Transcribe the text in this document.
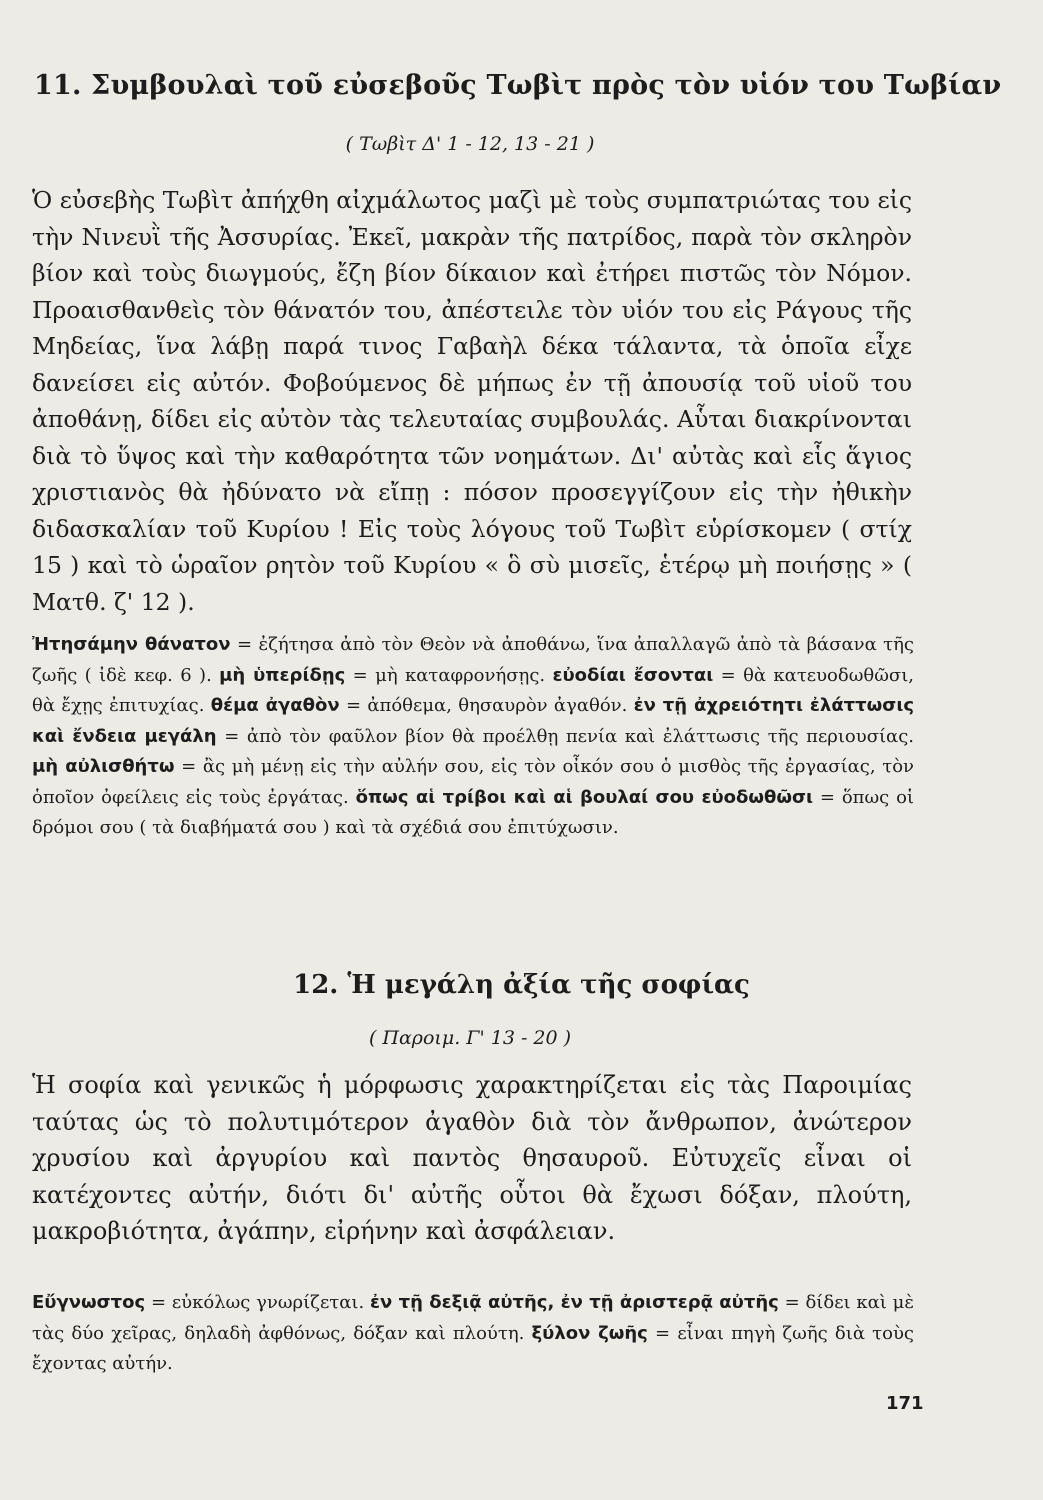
11. Συμβουλαὶ τοῦ εὐσεβοῦς Τωβὶτ πρὸς τὸν υἱόν του Τωβίαν
( Τωβὶτ Δ' 1 - 12, 13 - 21 )
Ὁ εὐσεβὴς Τωβὶτ ἀπήχθη αἰχμάλωτος μαζὶ μὲ τοὺς συμπατριώτας του εἰς τὴν Νινευῒ τῆς Ἀσσυρίας. Ἐκεῖ, μακρὰν τῆς πατρίδος, παρὰ τὸν σκληρὸν βίον καὶ τοὺς διωγμούς, ἔζη βίον δίκαιον καὶ ἐτήρει πιστῶς τὸν Νόμον. Προαισθανθεὶς τὸν θάνατόν του, ἀπέστειλε τὸν υἱόν του εἰς Ράγους τῆς Μηδείας, ἵνα λάβῃ παρά τινος Γαβαὴλ δέκα τάλαντα, τὰ ὁποῖα εἶχε δανείσει εἰς αὐτόν. Φοβούμενος δὲ μήπως ἐν τῇ ἀπουσίᾳ τοῦ υἱοῦ του ἀποθάνῃ, δίδει εἰς αὐτὸν τὰς τελευταίας συμβουλάς. Αὗται διακρίνονται διὰ τὸ ὕψος καὶ τὴν καθαρότητα τῶν νοημάτων. Δι' αὐτὰς καὶ εἷς ἅγιος χριστιανὸς θὰ ἠδύνατο νὰ εἴπῃ : πόσον προσεγγίζουν εἰς τὴν ἠθικὴν διδασκαλίαν τοῦ Κυρίου ! Εἰς τοὺς λόγους τοῦ Τωβὶτ εὑρίσκομεν ( στίχ 15 ) καὶ τὸ ὡραῖον ρητὸν τοῦ Κυρίου « ὃ σὺ μισεῖς, ἑτέρῳ μὴ ποιήσῃς » ( Ματθ. ζ' 12 ).
Ἠτησάμην θάνατον = ἐζήτησα ἀπὸ τὸν Θεὸν νὰ ἀποθάνω, ἵνα ἀπαλλαγῶ ἀπὸ τὰ βάσανα τῆς ζωῆς ( ἰδὲ κεφ. 6 ). μὴ ὑπερίδῃς = μὴ καταφρονήσῃς. εὐοδίαι ἔσονται = θὰ κατευοδωθῶσι, θὰ ἔχῃς ἐπιτυχίας. θέμα ἀγαθὸν = ἀπόθεμα, θησαυρὸν ἀγαθόν. ἐν τῇ ἀχρειότητι ἐλάττωσις καὶ ἔνδεια μεγάλη = ἀπὸ τὸν φαῦλον βίον θὰ προέλθῃ πενία καὶ ἐλάττωσις τῆς περιουσίας. μὴ αὐλισθήτω = ἂς μὴ μένῃ εἰς τὴν αὐλήν σου, εἰς τὸν οἶκόν σου ὁ μισθὸς τῆς ἐργασίας, τὸν ὁποῖον ὀφείλεις εἰς τοὺς ἐργάτας. ὅπως αἱ τρίβοι καὶ αἱ βουλαί σου εὐοδωθῶσι = ὅπως οἱ δρόμοι σου ( τὰ διαβήματά σου ) καὶ τὰ σχέδιά σου ἐπιτύχωσιν.
12. Ἡ μεγάλη ἀξία τῆς σοφίας
( Παροιμ. Γ' 13 - 20 )
Ἡ σοφία καὶ γενικῶς ἡ μόρφωσις χαρακτηρίζεται εἰς τὰς Παροιμίας ταύτας ὡς τὸ πολυτιμότερον ἀγαθὸν διὰ τὸν ἄνθρωπον, ἀνώτερον χρυσίου καὶ ἀργυρίου καὶ παντὸς θησαυροῦ. Εὐτυχεῖς εἶναι οἱ κατέχοντες αὐτήν, διότι δι' αὐτῆς οὗτοι θὰ ἔχωσι δόξαν, πλούτη, μακροβιότητα, ἀγάπην, εἰρήνην καὶ ἀσφάλειαν.
Εὔγνωστος = εὐκόλως γνωρίζεται. ἐν τῇ δεξιᾷ αὐτῆς, ἐν τῇ ἀριστερᾷ αὐτῆς = δίδει καὶ μὲ τὰς δύο χεῖρας, δηλαδὴ ἀφθόνως, δόξαν καὶ πλούτη. ξύλον ζωῆς = εἶναι πηγὴ ζωῆς διὰ τοὺς ἔχοντας αὐτήν.
171
